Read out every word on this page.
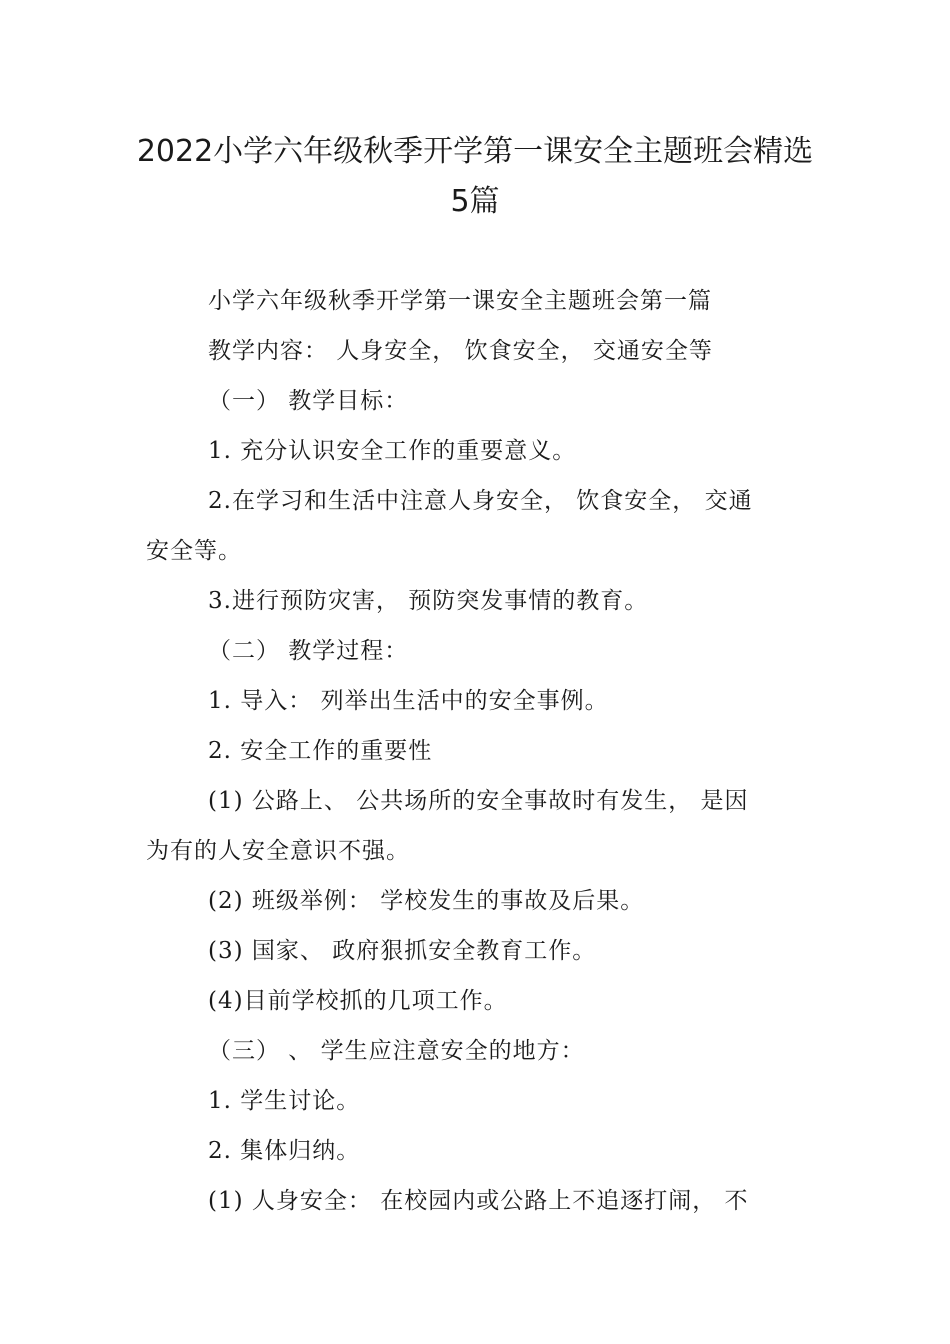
2022小学六年级秋季开学第一课安全主题班会精选
5篇
小学六年级秋季开学第一课安全主题班会第一篇
教学内容： 人身安全， 饮食安全， 交通安全等
（一） 教学目标：
1. 充分认识安全工作的重要意义。
2.在学习和生活中注意人身安全， 饮食安全， 交通
安全等。
3.进行预防灾害， 预防突发事情的教育。
（二） 教学过程：
1. 导入： 列举出生活中的安全事例。
2. 安全工作的重要性
(1) 公路上、 公共场所的安全事故时有发生， 是因
为有的人安全意识不强。
(2) 班级举例： 学校发生的事故及后果。
(3) 国家、 政府狠抓安全教育工作。
(4)目前学校抓的几项工作。
（三） 、 学生应注意安全的地方：
1. 学生讨论。
2. 集体归纳。
(1) 人身安全： 在校园内或公路上不追逐打闹， 不
